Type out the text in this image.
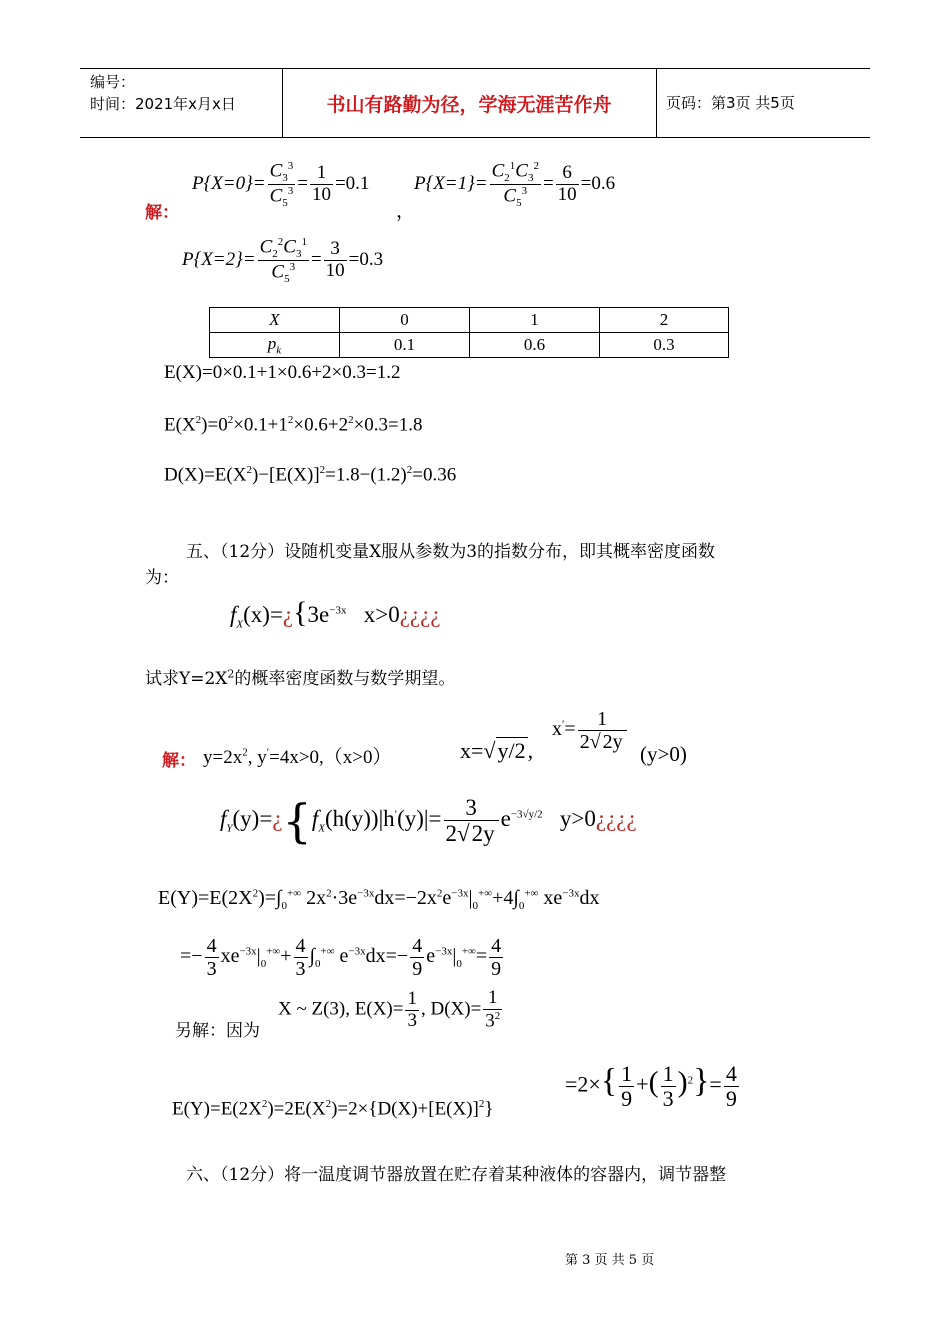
编号：
时间：2021年x月x日	书山有路勤为径，学海无涯苦作舟	页码：第3页 共5页
解：
$P\{X=0\}= \frac{C_3^3}{C_5^3} = \frac{1}{10} =0.1$
，
$P\{X=1\}= \frac{C_2^1C_3^2}{C_5^3} = \frac{6}{10} =0.6$
$P\{X=2\}= \frac{C_2^2C_3^1}{C_5^3} = \frac{3}{10} =0.3$
X	0	1	2
$p_k$	0.1	0.6	0.3
E(X)=0×0.1+1×0.6+2×0.3=1.2
$E(X^2)=0^2\times 0.1+1^2\times 0.6+2^2\times 0.3=1.8$
$D(X)=E(X^2)-[E(X)]^2=1.8-(1.2)^2=0.36$
五、（12分）设随机变量X服从参数为3的指数分布，即其概率密度函数
为：
$f_X(x)=¿\{3e^{-3x}$ x>0¿¿¿¿
试求$Y=2X^2$的概率密度函数与数学期望。
解： $y=2x^2$, y′=4x>0,（x>0）	x=√y/2,
$x'= \frac{1}{2√ 2y}$
(y>0)
$f_Y(y)=¿\{f_X(h(y))|h'(y)|= \frac{3}{2√2y} e^{-3√y/2}$ y>0¿¿¿¿
$E(Y)=E(2X^2)=\int_0^{+\infty}$ $2x^2\cdot 3e^{-3x}dx=-2x^2e^{-3x}|_0^{+\infty}+4\int_0^{+\infty}$ $xe^{-3x}dx$
=− $\frac{4}{3} xe^{-3x}|_0^{+\infty}+ \frac{4}{3} \int_0^{+\infty}$ $e^{-3x}dx=- \frac{4}{9} e^{-3x}|_0^{+\infty}= \frac{4}{9}$
X ~ Z(3), $E(X)= \frac{1}{3}$ , $D(X)= \frac{1}{3^2}$
另解：因为
$E(Y)=E(2X^2)=2E(X^2)=2\times\{D(X)+[E(X)]^2\}$
$=2\times\{ \frac{1}{9}$ +( $\frac{1}{3} )^2\}= \frac{4}{9}$
六、（12分）将一温度调节器放置在贮存着某种液体的容器内，调节器整
第 3 页 共 5 页
